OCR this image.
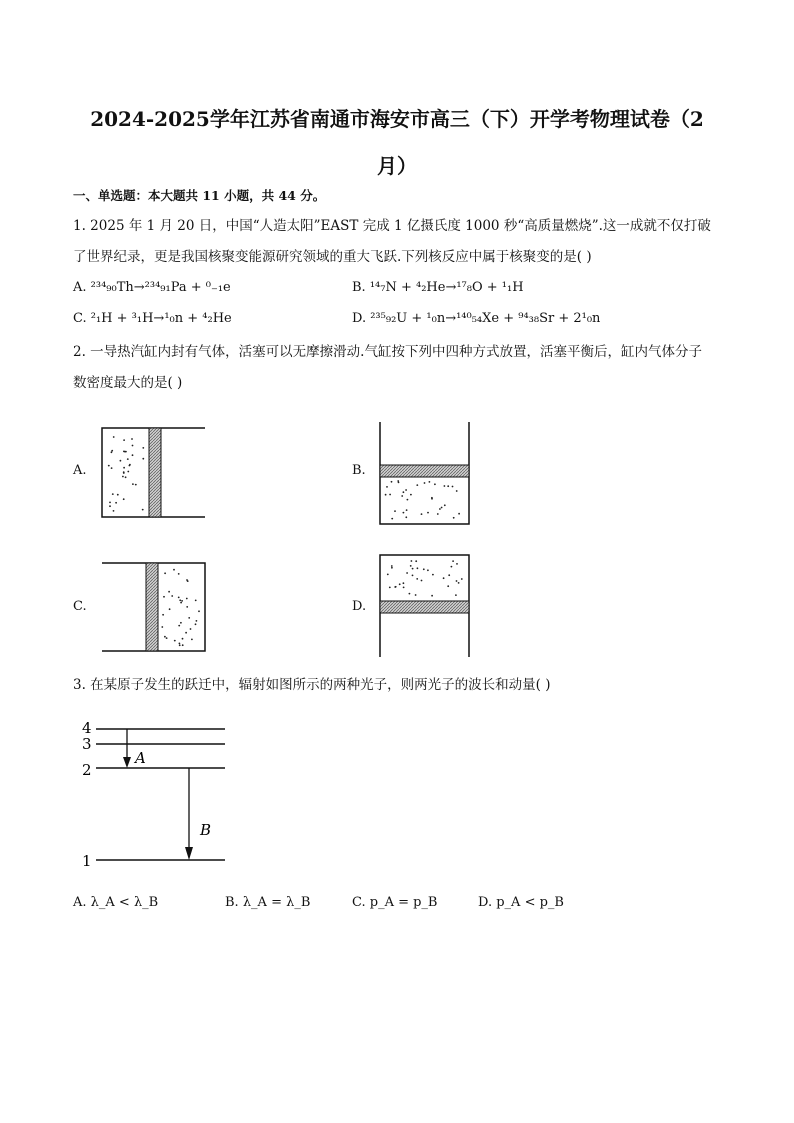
2024-2025学年江苏省南通市海安市高三（下）开学考物理试卷（2
月）
一、单选题：本大题共 11 小题，共 44 分。
1. 2025 年 1 月 20 日，中国“人造太阳”EAST 完成 1 亿摄氏度 1000 秒“高质量燃烧”.这一成就不仅打破
了世界纪录，更是我国核聚变能源研究领域的重大飞跃.下列核反应中属于核聚变的是( )
A. ²³⁴₉₀Th→²³⁴₉₁Pa + ⁰₋₁e	B. ¹⁴₇N + ⁴₂He→¹⁷₈O + ¹₁H
C. ²₁H + ³₁H→¹₀n + ⁴₂He	D. ²³⁵₉₂U + ¹₀n→¹⁴⁰₅₄Xe + ⁹⁴₃₈Sr + 2¹₀n
2. 一导热汽缸内封有气体，活塞可以无摩擦滑动.气缸按下列中四种方式放置，活塞平衡后，缸内气体分子
数密度最大的是( )
A.	B.
C.	D.
3. 在某原子发生的跃迁中，辐射如图所示的两种光子，则两光子的波长和动量( )
4
3
2
1
A
B
A. λ_A < λ_B	B. λ_A = λ_B	C. p_A = p_B	D. p_A < p_B
